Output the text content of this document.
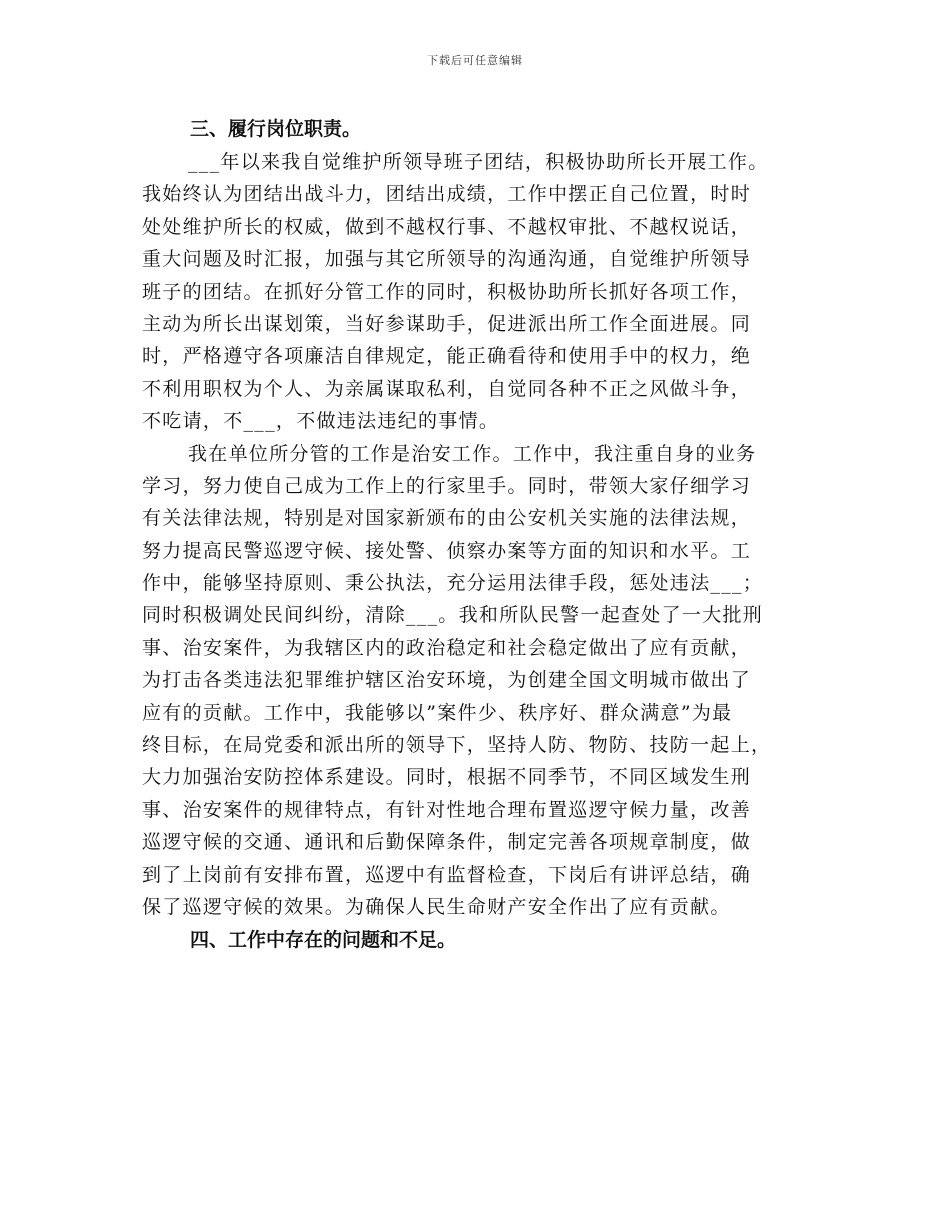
下载后可任意编辑
三、履行岗位职责。
___年以来我自觉维护所领导班子团结，积极协助所长开展工作。
我始终认为团结出战斗力，团结出成绩，工作中摆正自己位置，时时
处处维护所长的权威，做到不越权行事、不越权审批、不越权说话，
重大问题及时汇报，加强与其它所领导的沟通沟通，自觉维护所领导
班子的团结。在抓好分管工作的同时，积极协助所长抓好各项工作，
主动为所长出谋划策，当好参谋助手，促进派出所工作全面进展。同
时，严格遵守各项廉洁自律规定，能正确看待和使用手中的权力，绝
不利用职权为个人、为亲属谋取私利，自觉同各种不正之风做斗争，
不吃请，不___，不做违法违纪的事情。
我在单位所分管的工作是治安工作。工作中，我注重自身的业务
学习，努力使自己成为工作上的行家里手。同时，带领大家仔细学习
有关法律法规，特别是对国家新颁布的由公安机关实施的法律法规，
努力提高民警巡逻守候、接处警、侦察办案等方面的知识和水平。工
作中，能够坚持原则、秉公执法，充分运用法律手段，惩处违法___；
同时积极调处民间纠纷，清除___。我和所队民警一起查处了一大批刑
事、治安案件，为我辖区内的政治稳定和社会稳定做出了应有贡献，
为打击各类违法犯罪维护辖区治安环境，为创建全国文明城市做出了
应有的贡献。工作中，我能够以”案件少、秩序好、群众满意”为最
终目标，在局党委和派出所的领导下，坚持人防、物防、技防一起上，
大力加强治安防控体系建设。同时，根据不同季节，不同区域发生刑
事、治安案件的规律特点，有针对性地合理布置巡逻守候力量，改善
巡逻守候的交通、通讯和后勤保障条件，制定完善各项规章制度，做
到了上岗前有安排布置，巡逻中有监督检查，下岗后有讲评总结，确
保了巡逻守候的效果。为确保人民生命财产安全作出了应有贡献。
四、工作中存在的问题和不足。
